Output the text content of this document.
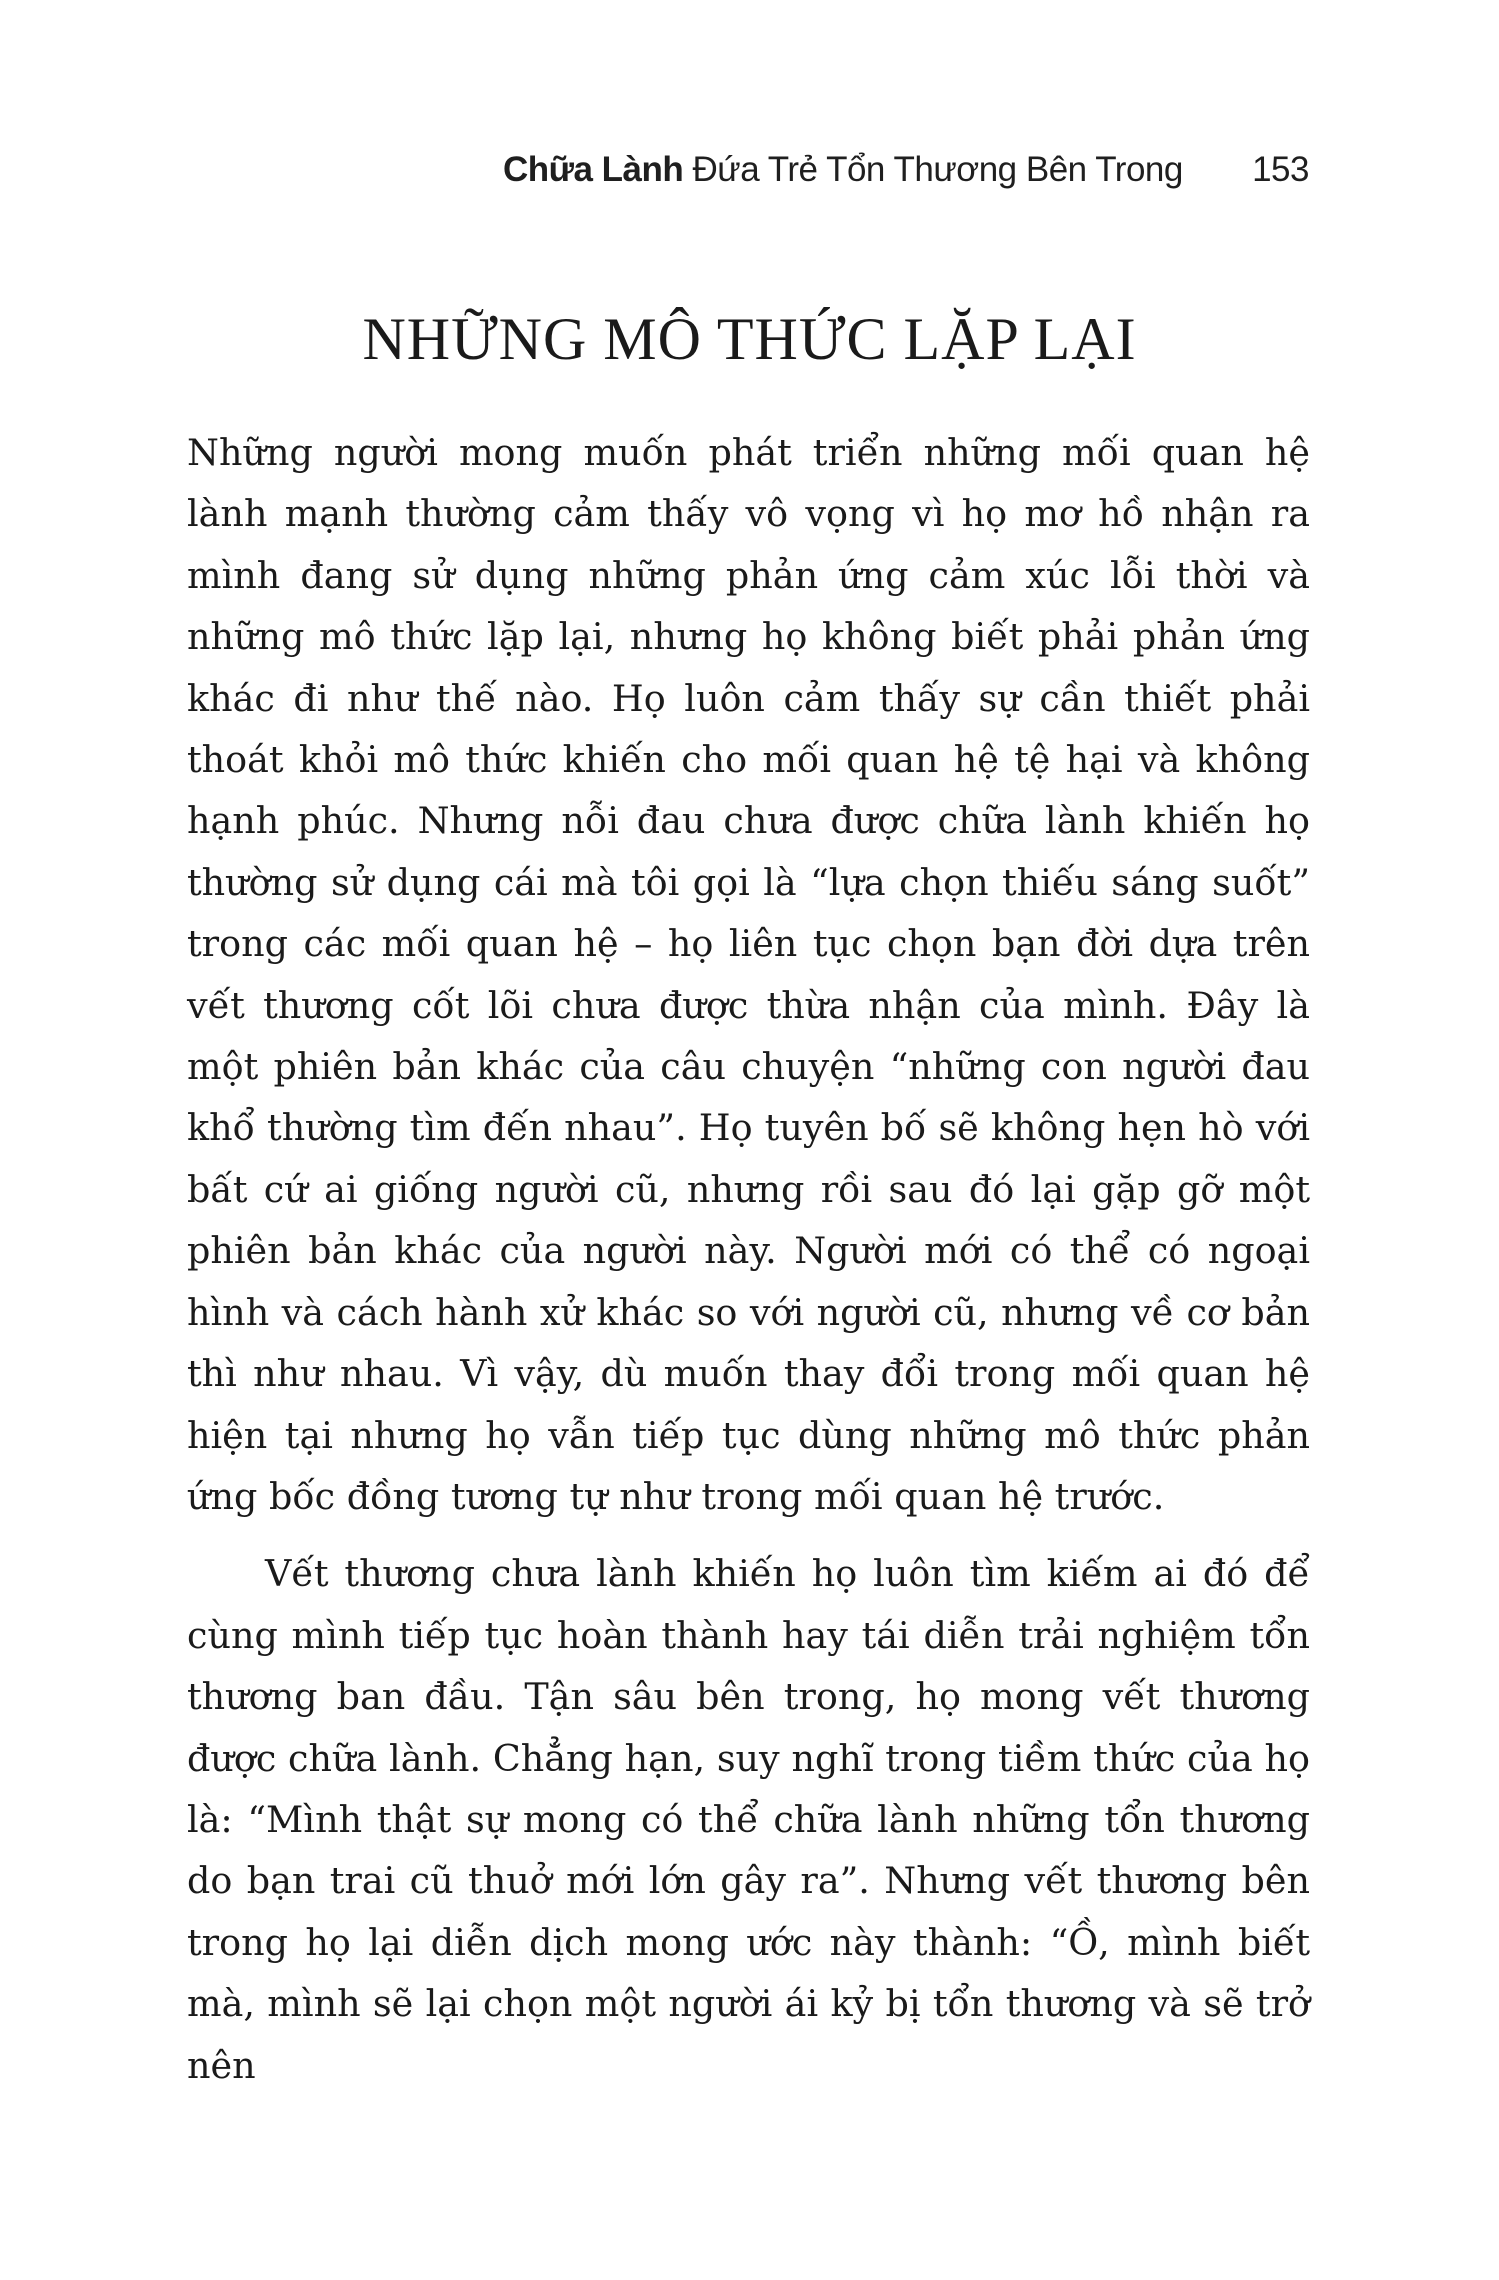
Chữa Lành Đứa Trẻ Tổn Thương Bên Trong 153
NHỮNG MÔ THỨC LẶP LẠI

Những người mong muốn phát triển những mối quan hệ lành mạnh thường cảm thấy vô vọng vì họ mơ hồ nhận ra mình đang sử dụng những phản ứng cảm xúc lỗi thời và những mô thức lặp lại, nhưng họ không biết phải phản ứng khác đi như thế nào. Họ luôn cảm thấy sự cần thiết phải thoát khỏi mô thức khiến cho mối quan hệ tệ hại và không hạnh phúc. Nhưng nỗi đau chưa được chữa lành khiến họ thường sử dụng cái mà tôi gọi là “lựa chọn thiếu sáng suốt” trong các mối quan hệ – họ liên tục chọn bạn đời dựa trên vết thương cốt lõi chưa được thừa nhận của mình. Đây là một phiên bản khác của câu chuyện “những con người đau khổ thường tìm đến nhau”. Họ tuyên bố sẽ không hẹn hò với bất cứ ai giống người cũ, nhưng rồi sau đó lại gặp gỡ một phiên bản khác của người này. Người mới có thể có ngoại hình và cách hành xử khác so với người cũ, nhưng về cơ bản thì như nhau. Vì vậy, dù muốn thay đổi trong mối quan hệ hiện tại nhưng họ vẫn tiếp tục dùng những mô thức phản ứng bốc đồng tương tự như trong mối quan hệ trước.

Vết thương chưa lành khiến họ luôn tìm kiếm ai đó để cùng mình tiếp tục hoàn thành hay tái diễn trải nghiệm tổn thương ban đầu. Tận sâu bên trong, họ mong vết thương được chữa lành. Chẳng hạn, suy nghĩ trong tiềm thức của họ là: “Mình thật sự mong có thể chữa lành những tổn thương do bạn trai cũ thuở mới lớn gây ra”. Nhưng vết thương bên trong họ lại diễn dịch mong ước này thành: “Ồ, mình biết mà, mình sẽ lại chọn một người ái kỷ bị tổn thương và sẽ trở nên
